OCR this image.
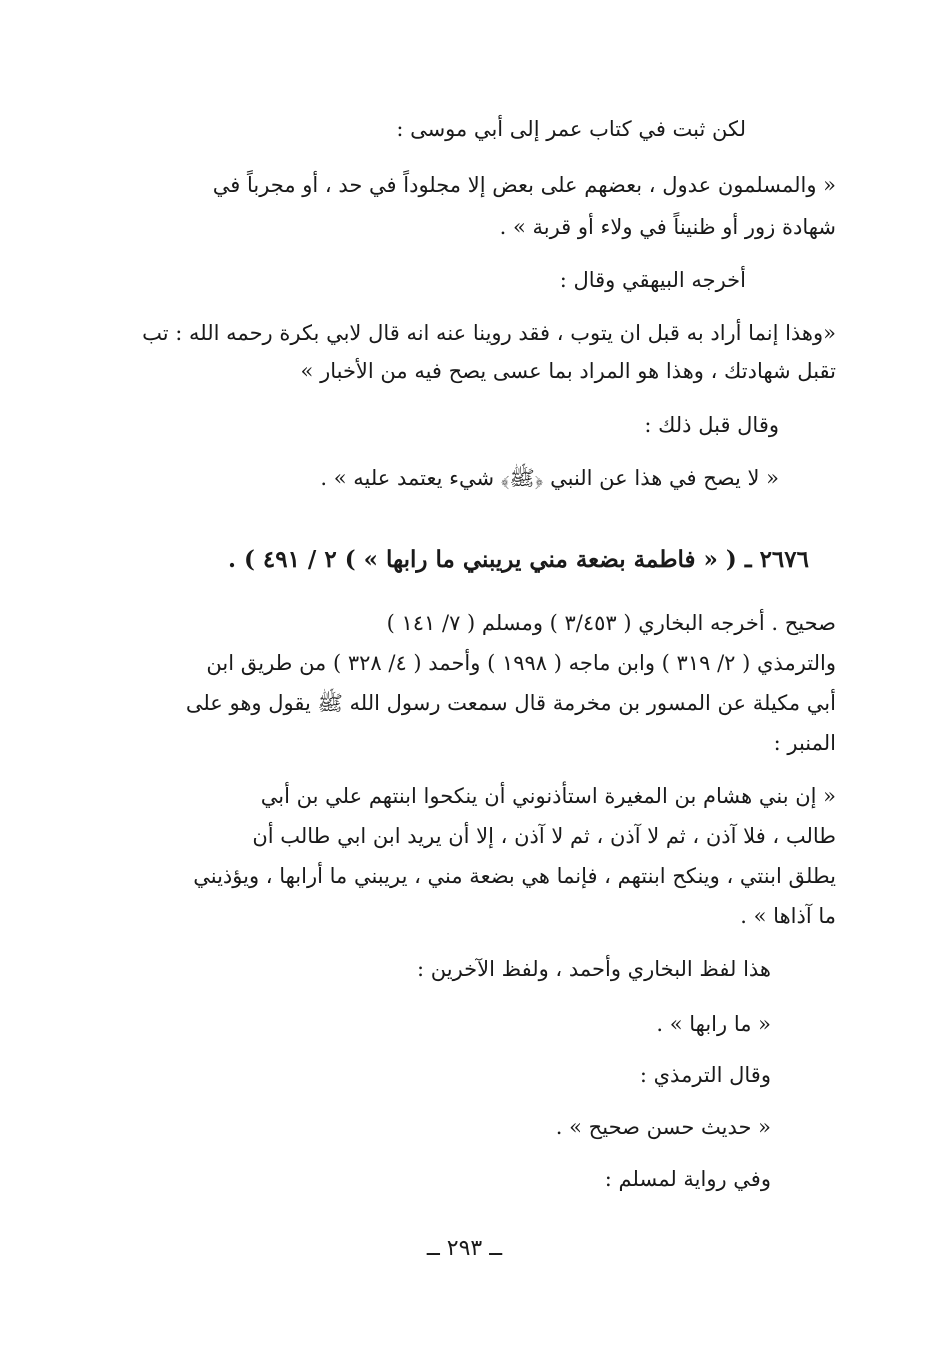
لكن ثبت في كتاب عمر إلى أبي موسى :
« والمسلمون عدول ، بعضهم على بعض إلا مجلوداً في حد ، أو مجرباً في
شهادة زور أو ظنيناً في ولاء أو قربة » .
أخرجه البيهقي وقال :
«وهذا إنما أراد به قبل ان يتوب ، فقد روينا عنه انه قال لابي بكرة رحمه الله : تب
تقبل شهادتك ، وهذا هو المراد بما عسى يصح فيه من الأخبار »
وقال قبل ذلك :
« لا يصح في هذا عن النبي ﴿ﷺ﴾ شيء يعتمد عليه » .
٢٦٧٦ ـ ( « فاطمة بضعة مني يريبني ما رابها » ) ٢ / ٤٩١ ) .
صحيح . أخرجه البخاري ( ٣/٤٥٣ ) ومسلم ( ٧/ ١٤١ )
والترمذي ( ٢/ ٣١٩ ) وابن ماجه ( ١٩٩٨ ) وأحمد ( ٤/ ٣٢٨ ) من طريق ابن
أبي مكيلة عن المسور بن مخرمة قال سمعت رسول الله ﷺ يقول وهو على
المنبر :
« إن بني هشام بن المغيرة استأذنوني أن ينكحوا ابنتهم علي بن أبي
طالب ، فلا آذن ، ثم لا آذن ، ثم لا آذن ، إلا أن يريد ابن ابي طالب أن
يطلق ابنتي ، وينكح ابنتهم ، فإنما هي بضعة مني ، يريبني ما أرابها ، ويؤذيني
ما آذاها » .
هذا لفظ البخاري وأحمد ، ولفظ الآخرين :
« ما رابها » .
وقال الترمذي :
« حديث حسن صحيح » .
وفي رواية لمسلم :
ــ ٢٩٣ ــ
